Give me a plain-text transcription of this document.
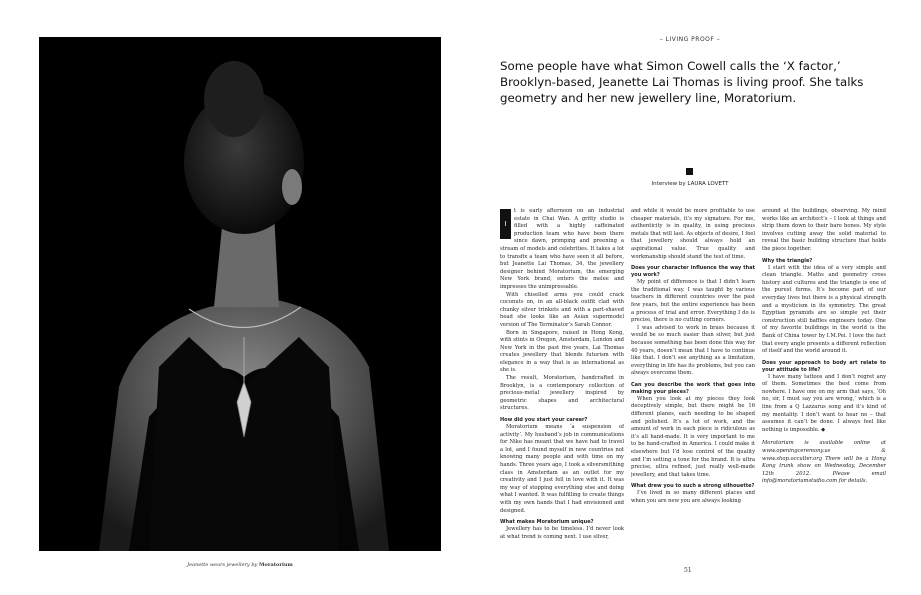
Jeanette wears jewellery by Moratorium
– LIVING PROOF –
Some people have what Simon Cowell calls the ‘X factor,’ Brooklyn-based, Jeanette Lai Thomas is living proof. She talks geometry and her new jewellery line, Moratorium.
Interview by LAURA LOVETT

I
t is early afternoon on an industrial estate in Chai Wan. A gritty studio is filled with a highly caffeinated production team who have been there since dawn, primping and preening a stream of models and celebrities. It takes a lot to transfix a team who have seen it all before, but Jeanette Lai Thomas, 34, the jewellery designer behind Moratorium, the emerging New York brand, enters the melee and impresses the unimpressable.

With chiselled arms you could crack coconuts on, in an all-black outfit clad with chunky silver trinkets and with a part-shaved head she looks like an Asian supermodel version of The Terminator’s Sarah Connor.

Born in Singapore, raised in Hong Kong, with stints in Oregon, Amsterdam, London and New York in the past five years, Lai Thomas creates jewellery that blends futurism with elegance in a way that is as international as she is.

The result, Moratorium, handcrafted in Brooklyn, is a contemporary collection of precious-metal jewellery inspired by geometric shapes and architectural structures.

How did you start your career?

Moratorium means ‘a suspension of activity’. My husband’s job in communications for Nike has meant that we have had to travel a lot, and I found myself in new countries not knowing many people and with time on my hands. Three years ago, I took a silversmithing class in Amsterdam as an outlet for my creativity and I just fell in love with it. It was my way of stopping everything else and doing what I wanted. It was fulfilling to create things with my own hands that I had envisioned and designed.

What makes Moratorium unique?

Jewellery has to be timeless. I’d never look at what trend is coming next. I use silver,

and while it would be more profitable to use cheaper materials, it’s my signature. For me, authenticity is in quality, in using precious metals that will last. As objects of desire, I feel that jewellery should always hold an aspirational value. True quality and workmanship should stand the test of time.

Does your character influence the way that you work?

My point of difference is that I didn’t learn the traditional way. I was taught by various teachers in different countries over the past few years, but the entire experience has been a process of trial and error. Everything I do is precise, there is no cutting corners.

I was advised to work in brass because it would be so much easier than silver, but just because something has been done this way for 40 years, doesn’t mean that I have to continue like that. I don’t see anything as a limitation, everything in life has its problems, but you can always overcome them.

Can you describe the work that goes into making your pieces?

When you look at my pieces they look deceptively simple, but there might be 16 different planes, each needing to be shaped and polished. It’s a lot of work, and the amount of work in each piece is ridiculous as it’s all hand-made. It is very important to me to be hand-crafted in America. I could make it elsewhere but I’d lose control of the quality and I’m setting a tone for the brand. It is ultra precise, ultra refined, just really well-made jewellery, and that takes time.

What drew you to such a strong silhouette?

I’ve lived in so many different places and when you are new you are always looking

around at the buildings, observing. My mind works like an architect’s – I look at things and strip them down to their bare bones. My style involves cutting away the solid material to reveal the basic building structure that holds the piece together.

Why the triangle?

I start with the idea of a very simple and clean triangle. Maths and geometry cross history and cultures and the triangle is one of the purest forms. It’s become part of our everyday lives but there is a physical strength and a mysticism in its symmetry. The great Egyptian pyramids are so simple yet their construction still baffles engineers today. One of my favorite buildings in the world is the Bank of China tower by I.M.Pei. I love the fact that every angle presents a different reflection of itself and the world around it.

Does your approach to body art relate to your attitude to life?

I have many tattoos and I don’t regret any of them. Sometimes the best come from nowhere. I have one on my arm that says, ‘Oh no, sir, I must say you are wrong,’ which is a line from a Q Lazzarus song and it’s kind of my mentality. I don’t want to hear no – that assumes it can’t be done. I always feel like nothing is impossible. ◆

Moratorium is available online at www.openingceremony.us & www.shop.occulter.org There will be a Hong Kong trunk show on Wednesday, December 12th 2012. Please email info@moratoriumstudio.com for details.

51
